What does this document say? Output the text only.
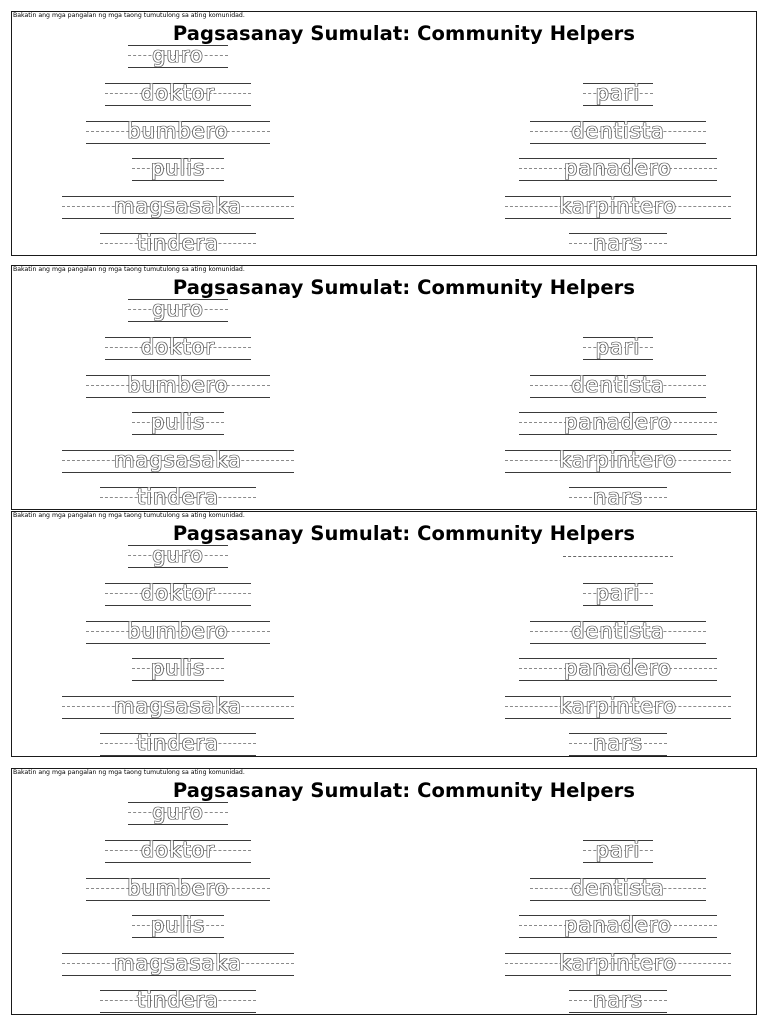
Bakatin ang mga pangalan ng mga taong tumutulong sa ating komunidad.
Pagsasanay Sumulat: Community Helpers
guro
doktor
bumbero
pulis
magsasaka
tindera
pari
dentista
panadero
karpintero
nars
Bakatin ang mga pangalan ng mga taong tumutulong sa ating komunidad.
Pagsasanay Sumulat: Community Helpers
guro
doktor
bumbero
pulis
magsasaka
tindera
pari
dentista
panadero
karpintero
nars
Bakatin ang mga pangalan ng mga taong tumutulong sa ating komunidad.
Pagsasanay Sumulat: Community Helpers
guro
doktor
bumbero
pulis
magsasaka
tindera
pari
dentista
panadero
karpintero
nars
Bakatin ang mga pangalan ng mga taong tumutulong sa ating komunidad.
Pagsasanay Sumulat: Community Helpers
guro
doktor
bumbero
pulis
magsasaka
tindera
pari
dentista
panadero
karpintero
nars
